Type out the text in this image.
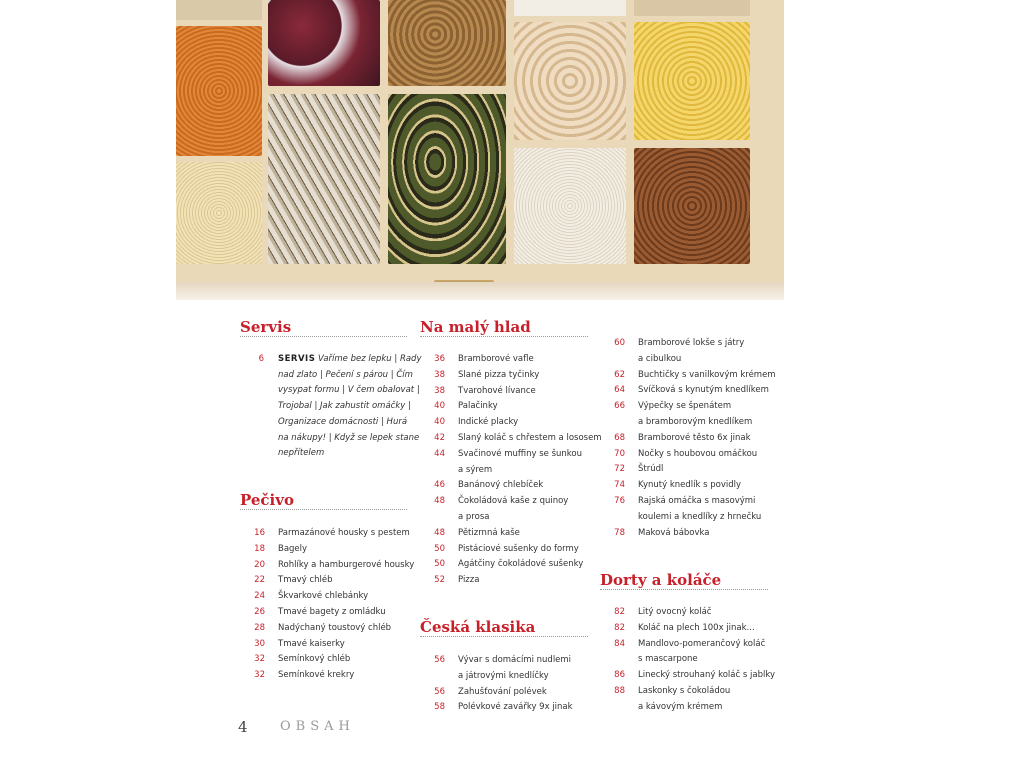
Servis
6 SERVIS Vaříme bez lepku | Rady
nad zlato | Pečení s párou | Čím
vysypat formu | V čem obalovat |
Trojobal | Jak zahustit omáčky |
Organizace domácnosti | Hurá
na nákupy! | Když se lepek stane
nepřítelem
Pečivo
16 Parmazánové housky s pestem
18 Bagely
20 Rohlíky a hamburgerové housky
22 Tmavý chléb
24 Škvarkové chlebánky
26 Tmavé bagety z omládku
28 Nadýchaný toustový chléb
30 Tmavé kaiserky
32 Semínkový chléb
32 Semínkové krekry
Na malý hlad
36 Bramborové vafle
38 Slané pizza tyčinky
38 Tvarohové lívance
40 Palačinky
40 Indické placky
42 Slaný koláč s chřestem a lososem
44 Svačinové muffiny se šunkou
a sýrem
46 Banánový chlebíček
48 Čokoládová kaše z quinoy
a prosa
48 Pětizrnná kaše
50 Pistáciové sušenky do formy
50 Agátčiny čokoládové sušenky
52 Pizza
Česká klasika
56 Vývar s domácími nudlemi
a játrovými knedlíčky
56 Zahušťování polévek
58 Polévkové zavářky 9x jinak
60 Bramborové lokše s játry
a cibulkou
62 Buchtičky s vanilkovým krémem
64 Svíčková s kynutým knedlíkem
66 Výpečky se špenátem
a bramborovým knedlíkem
68 Bramborové těsto 6x jinak
70 Nočky s houbovou omáčkou
72 Štrúdl
74 Kynutý knedlík s povidly
76 Rajská omáčka s masovými
koulemi a knedlíky z hrnečku
78 Maková bábovka
Dorty a koláče
82 Litý ovocný koláč
82 Koláč na plech 100x jinak...
84 Mandlovo-pomerančový koláč
s mascarpone
86 Linecký strouhaný koláč s jablky
88 Laskonky s čokoládou
a kávovým krémem
4 OBSAH
